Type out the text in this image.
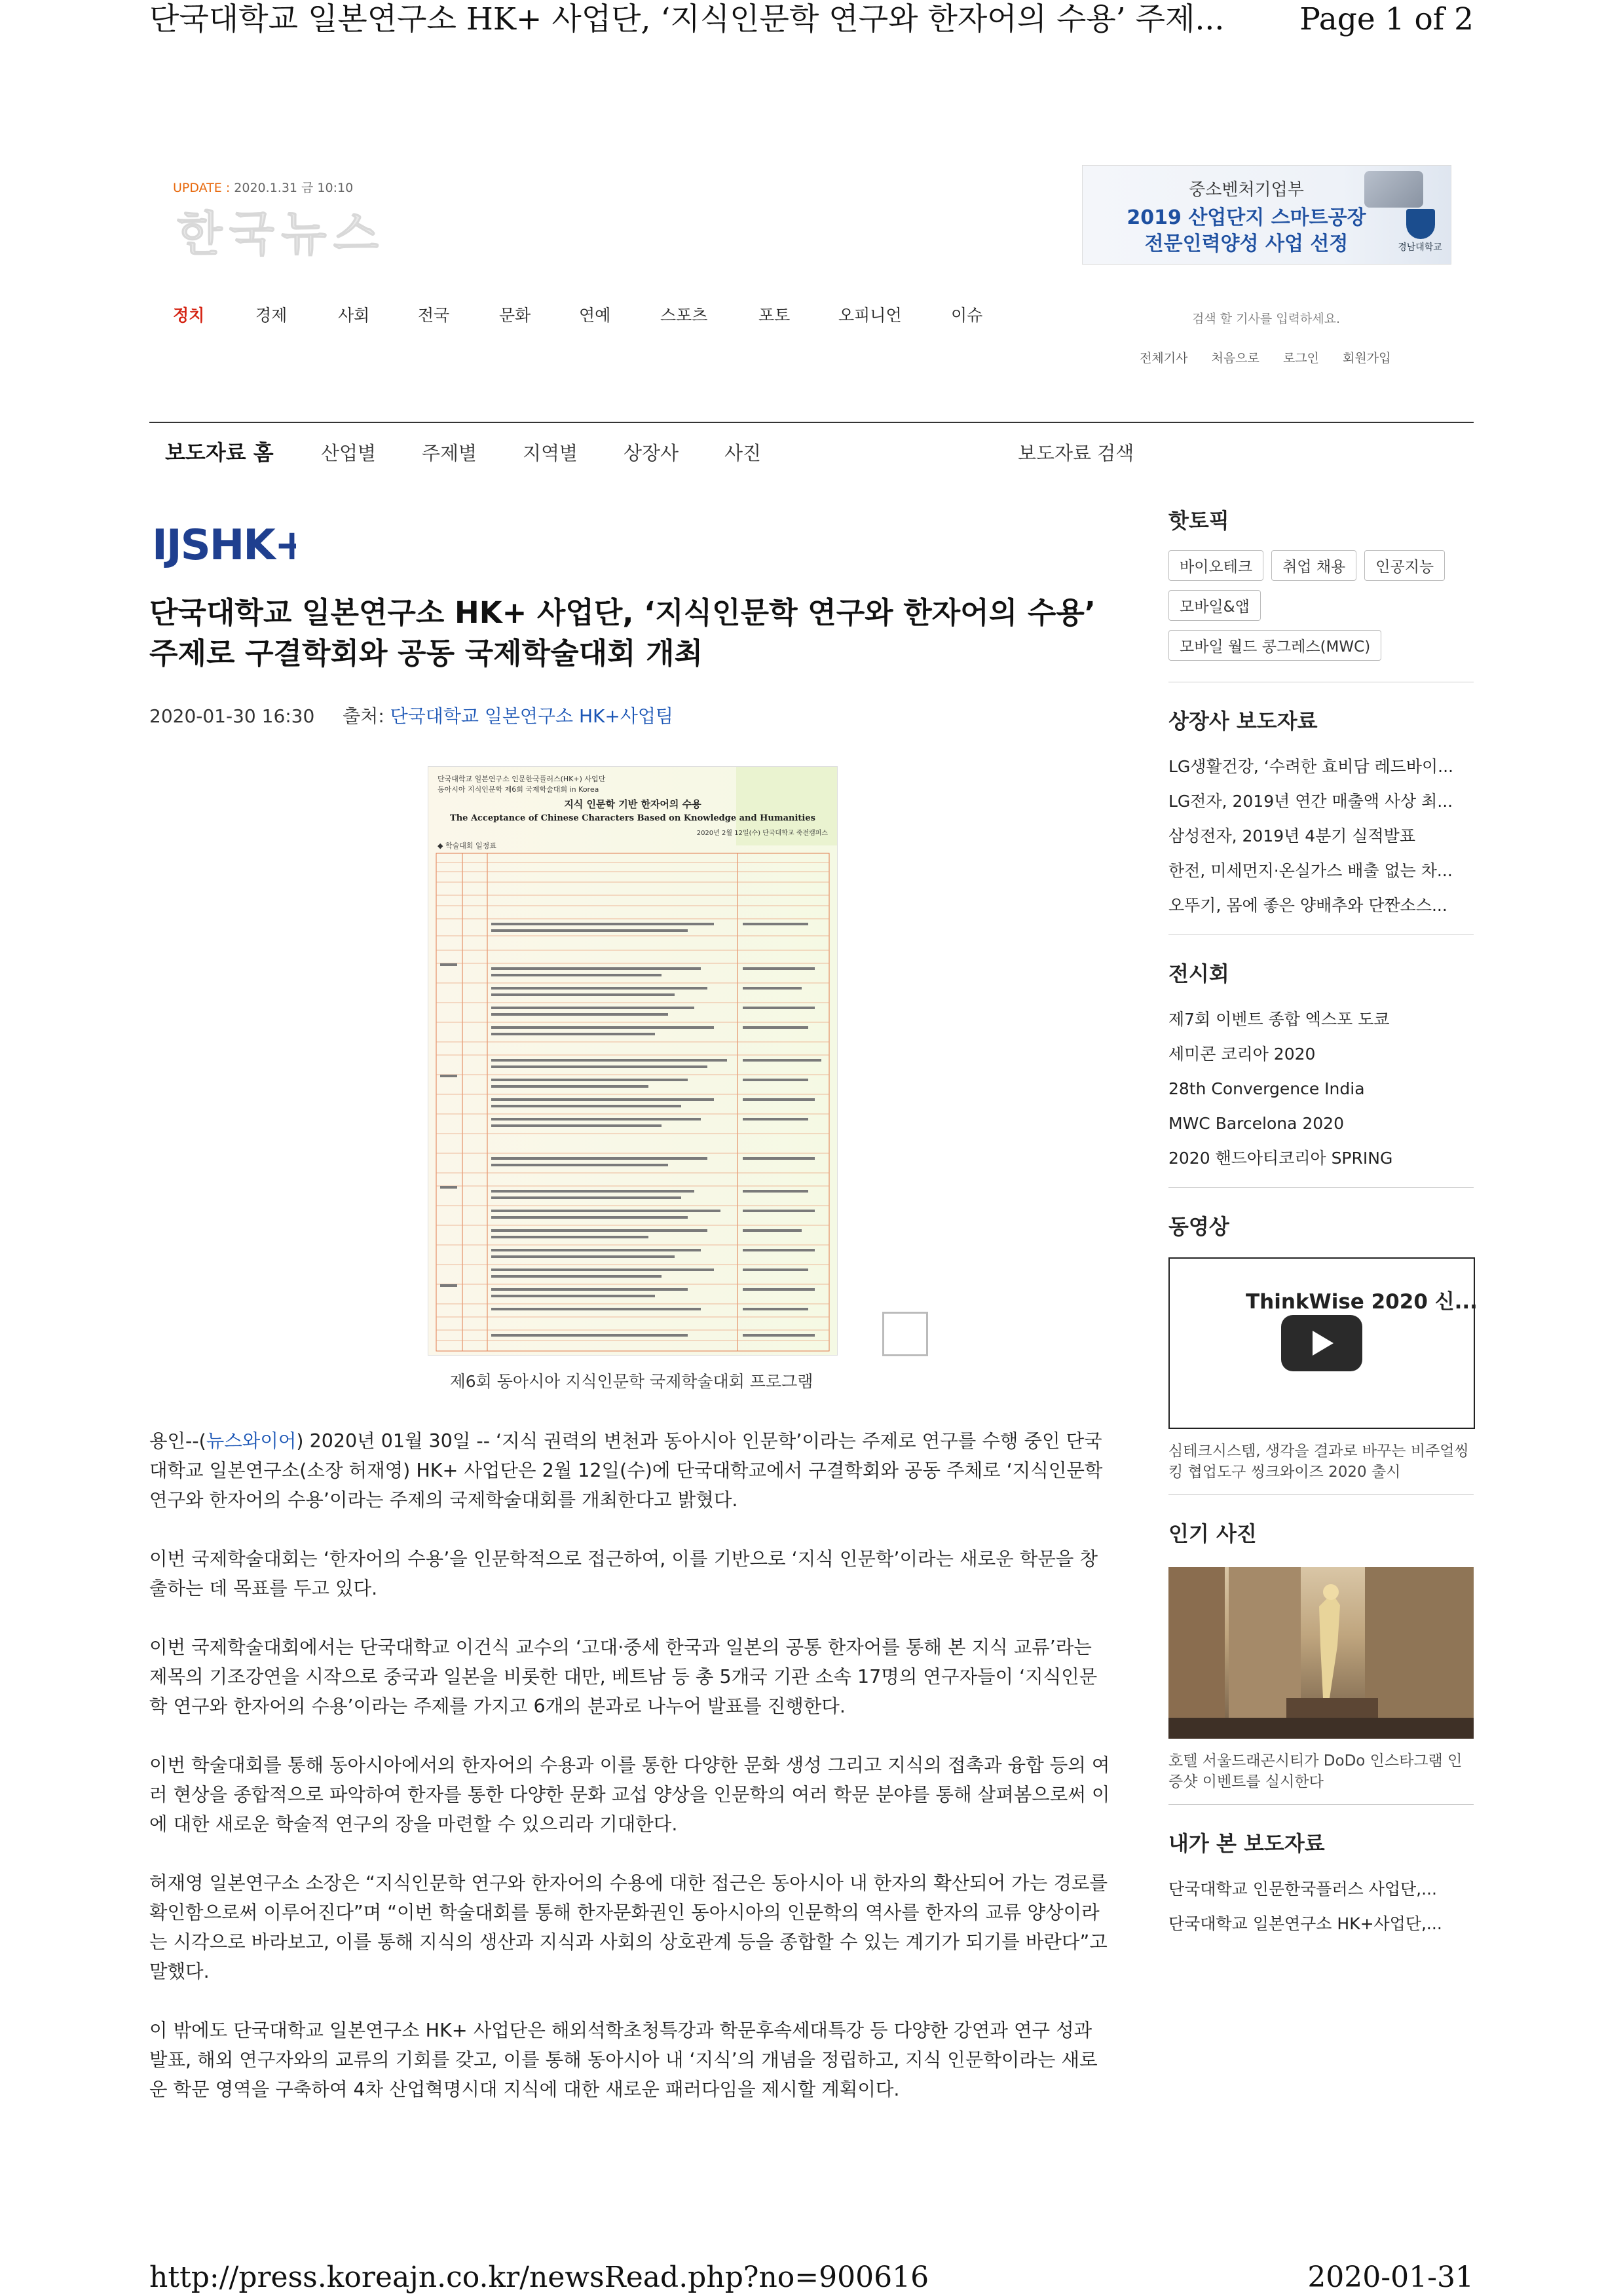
단국대학교 일본연구소 HK+ 사업단, ‘지식인문학 연구와 한자어의 수용’ 주제... Page 1 of 2
UPDATE : 2020.1.31 금 10:10
한국뉴스
중소벤처기업부
2019 산업단지 스마트공장
전문인력양성 사업 선정	경남대학교
정치	경제	사회	전국	문화	연예	스포츠	포토	오피니언	이슈	검색 할 기사를 입력하세요.
전체기사 처음으로 로그인 회원가입
보도자료 홈 산업별 주제별 지역별 상장사 사진	보도자료 검색
IJSHK+
단국대학교 일본연구소 HK+ 사업단, ‘지식인문학 연구와 한자어의 수용’ 주제로 구결학회와 공동 국제학술대회 개최
2020-01-30 16:30 출처: 단국대학교 일본연구소 HK+사업팀
단국대학교 일본연구소 인문한국플러스(HK+) 사업단
동아시아 지식인문학 제6회 국제학술대회 in Korea
지식 인문학 기반 한자어의 수용
The Acceptance of Chinese Characters Based on Knowledge and Humanities
2020년 2월 12일(수) 단국대학교 죽전캠퍼스
◆ 학술대회 일정표
제6회 동아시아 지식인문학 국제학술대회 프로그램

용인--(뉴스와이어) 2020년 01월 30일 -- ‘지식 권력의 변천과 동아시아 인문학’이라는 주제로 연구를 수행 중인 단국대학교 일본연구소(소장 허재영) HK+ 사업단은 2월 12일(수)에 단국대학교에서 구결학회와 공동 주체로 ‘지식인문학 연구와 한자어의 수용’이라는 주제의 국제학술대회를 개최한다고 밝혔다.

이번 국제학술대회는 ‘한자어의 수용’을 인문학적으로 접근하여, 이를 기반으로 ‘지식 인문학’이라는 새로운 학문을 창출하는 데 목표를 두고 있다.

이번 국제학술대회에서는 단국대학교 이건식 교수의 ‘고대·중세 한국과 일본의 공통 한자어를 통해 본 지식 교류’라는 제목의 기조강연을 시작으로 중국과 일본을 비롯한 대만, 베트남 등 총 5개국 기관 소속 17명의 연구자들이 ‘지식인문학 연구와 한자어의 수용’이라는 주제를 가지고 6개의 분과로 나누어 발표를 진행한다.

이번 학술대회를 통해 동아시아에서의 한자어의 수용과 이를 통한 다양한 문화 생성 그리고 지식의 접촉과 융합 등의 여러 현상을 종합적으로 파악하여 한자를 통한 다양한 문화 교섭 양상을 인문학의 여러 학문 분야를 통해 살펴봄으로써 이에 대한 새로운 학술적 연구의 장을 마련할 수 있으리라 기대한다.

허재영 일본연구소 소장은 “지식인문학 연구와 한자어의 수용에 대한 접근은 동아시아 내 한자의 확산되어 가는 경로를 확인함으로써 이루어진다”며 “이번 학술대회를 통해 한자문화권인 동아시아의 인문학의 역사를 한자의 교류 양상이라는 시각으로 바라보고, 이를 통해 지식의 생산과 지식과 사회의 상호관계 등을 종합할 수 있는 계기가 되기를 바란다”고 말했다.

이 밖에도 단국대학교 일본연구소 HK+ 사업단은 해외석학초청특강과 학문후속세대특강 등 다양한 강연과 연구 성과 발표, 해외 연구자와의 교류의 기회를 갖고, 이를 통해 동아시아 내 ‘지식’의 개념을 정립하고, 지식 인문학이라는 새로운 학문 영역을 구축하여 4차 산업혁명시대 지식에 대한 새로운 패러다임을 제시할 계획이다.

핫토픽
바이오테크 취업 채용 인공지능
모바일&앱
모바일 월드 콩그레스(MWC)
상장사 보도자료
LG생활건강, ‘수려한 효비담 레드바이...
LG전자, 2019년 연간 매출액 사상 최...
삼성전자, 2019년 4분기 실적발표
한전, 미세먼지·온실가스 배출 없는 차...
오뚜기, 몸에 좋은 양배추와 단짠소스...
전시회
제7회 이벤트 종합 엑스포 도쿄
세미콘 코리아 2020
28th Convergence India
MWC Barcelona 2020
2020 핸드아티코리아 SPRING
동영상
ThinkWise 2020 신...
심테크시스템, 생각을 결과로 바꾸는 비주얼씽킹 협업도구 씽크와이즈 2020 출시
인기 사진
호텔 서울드래곤시티가 DoDo 인스타그램 인증샷 이벤트를 실시한다
내가 본 보도자료
단국대학교 인문한국플러스 사업단,...
단국대학교 일본연구소 HK+사업단,...
http://press.koreajn.co.kr/newsRead.php?no=900616	2020-01-31
